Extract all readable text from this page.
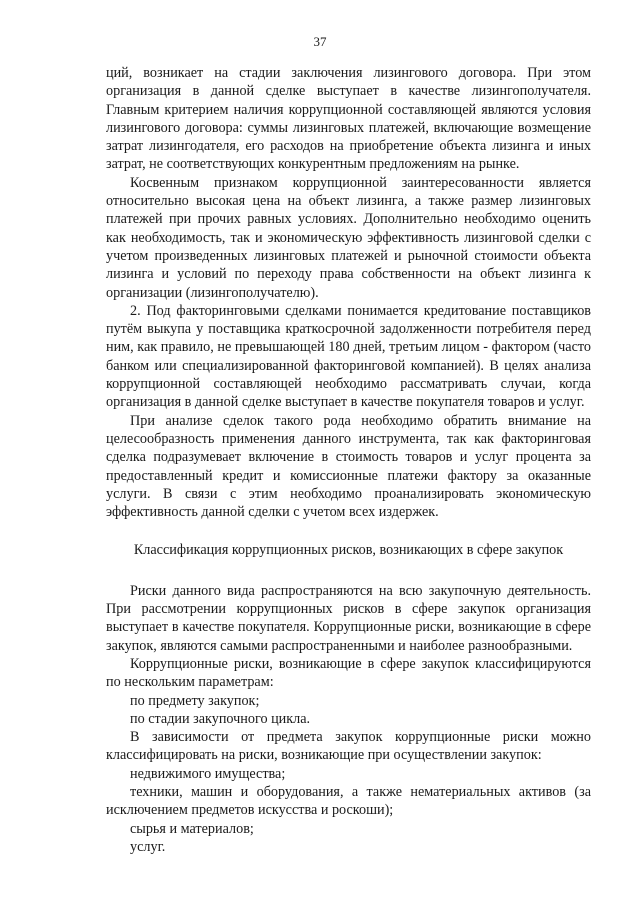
37

ций, возникает на стадии заключения лизингового договора. При этом организация в данной сделке выступает в качестве лизингополучателя. Главным критерием наличия коррупционной составляющей являются условия лизингового договора: суммы лизинговых платежей, включающие возмещение затрат лизингодателя, его расходов на приобретение объекта лизинга и иных затрат, не соответствующих конкурентным предложениям на рынке.

Косвенным признаком коррупционной заинтересованности является относительно высокая цена на объект лизинга, а также размер лизинговых платежей при прочих равных условиях. Дополнительно необходимо оценить как необходимость, так и экономическую эффективность лизинговой сделки с учетом произведенных лизинговых платежей и рыночной стоимости объекта лизинга и условий по переходу права собственности на объект лизинга к организации (лизингополучателю).

2. Под факторинговыми сделками понимается кредитование поставщиков путём выкупа у поставщика краткосрочной задолженности потребителя перед ним, как правило, не превышающей 180 дней, третьим лицом - фактором (часто банком или специализированной факторинговой компанией). В целях анализа коррупционной составляющей необходимо рассматривать случаи, когда организация в данной сделке выступает в качестве покупателя товаров и услуг.

При анализе сделок такого рода необходимо обратить внимание на целесообразность применения данного инструмента, так как факторинговая сделка подразумевает включение в стоимость товаров и услуг процента за предоставленный кредит и комиссионные платежи фактору за оказанные услуги. В связи с этим необходимо проанализировать экономическую эффективность данной сделки с учетом всех издержек.

Классификация коррупционных рисков, возникающих в сфере закупок

Риски данного вида распространяются на всю закупочную деятельность. При рассмотрении коррупционных рисков в сфере закупок организация выступает в качестве покупателя. Коррупционные риски, возникающие в сфере закупок, являются самыми распространенными и наиболее разнообразными.

Коррупционные риски, возникающие в сфере закупок классифицируются по нескольким параметрам:

по предмету закупок;

по стадии закупочного цикла.

В зависимости от предмета закупок коррупционные риски можно классифицировать на риски, возникающие при осуществлении закупок:

недвижимого имущества;

техники, машин и оборудования, а также нематериальных активов (за исключением предметов искусства и роскоши);

сырья и материалов;

услуг.
